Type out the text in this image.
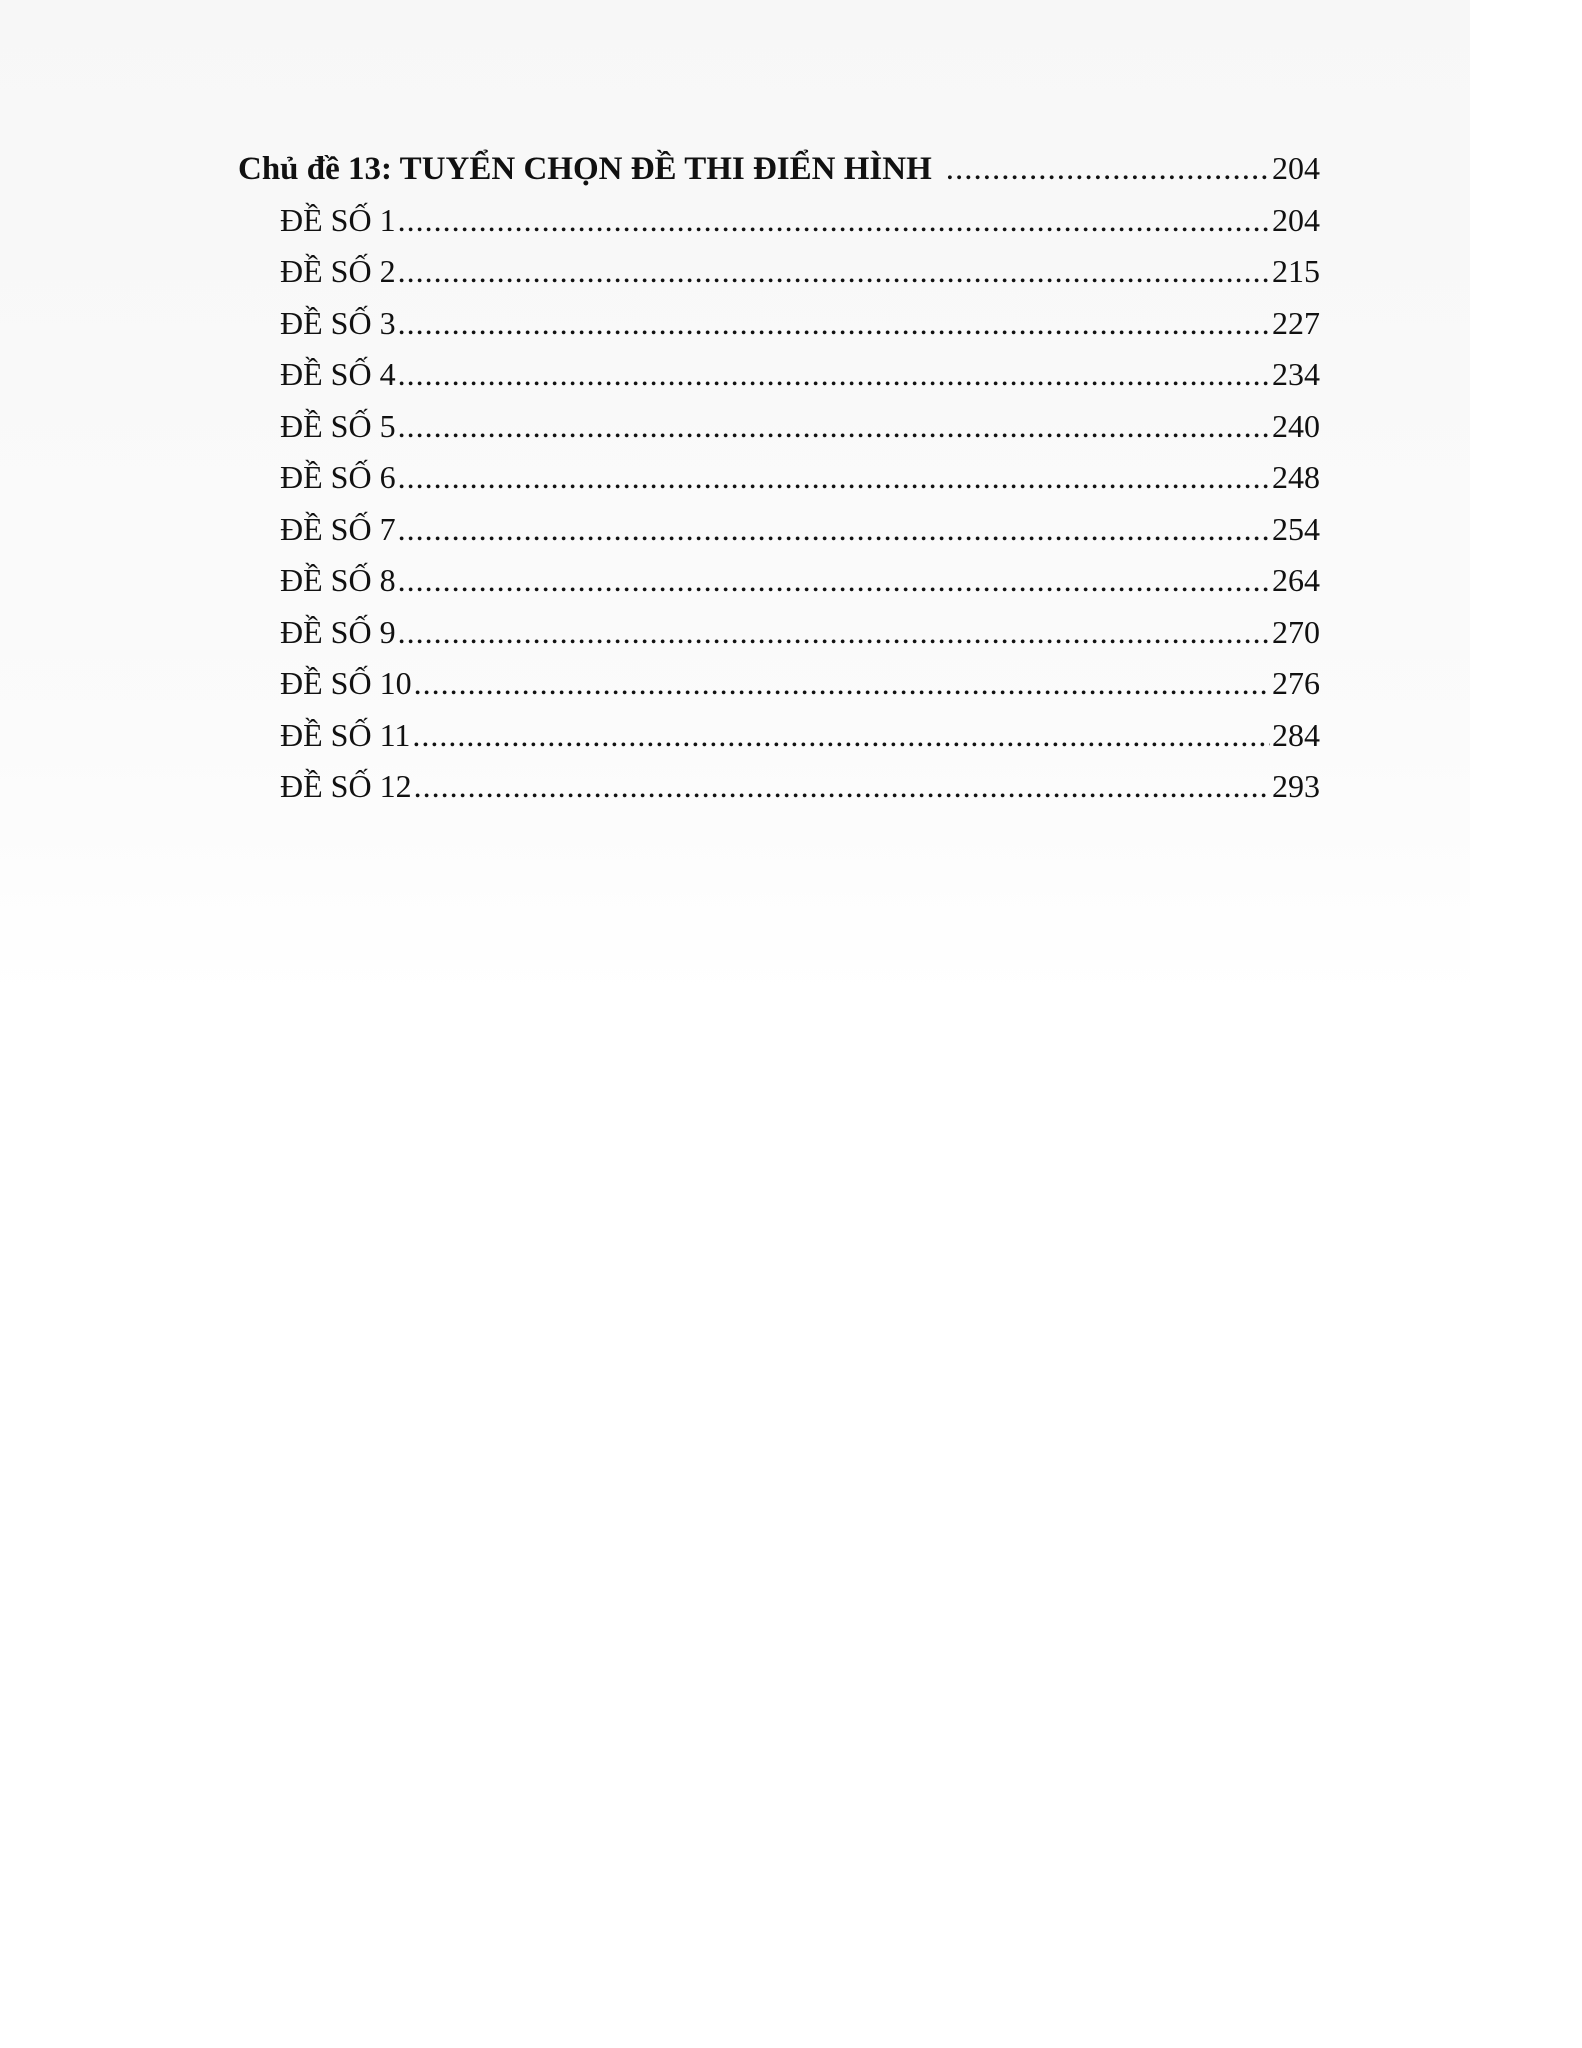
Chủ đề 13: TUYỂN CHỌN ĐỀ THI ĐIỂN HÌNH .....	204
ĐỀ SỐ 1 .....	204
ĐỀ SỐ 2 .....	215
ĐỀ SỐ 3 .....	227
ĐỀ SỐ 4 .....	234
ĐỀ SỐ 5 .....	240
ĐỀ SỐ 6 .....	248
ĐỀ SỐ 7 .....	254
ĐỀ SỐ 8 .....	264
ĐỀ SỐ 9 .....	270
ĐỀ SỐ 10 .....	276
ĐỀ SỐ 11 .....	284
ĐỀ SỐ 12 .....	293
